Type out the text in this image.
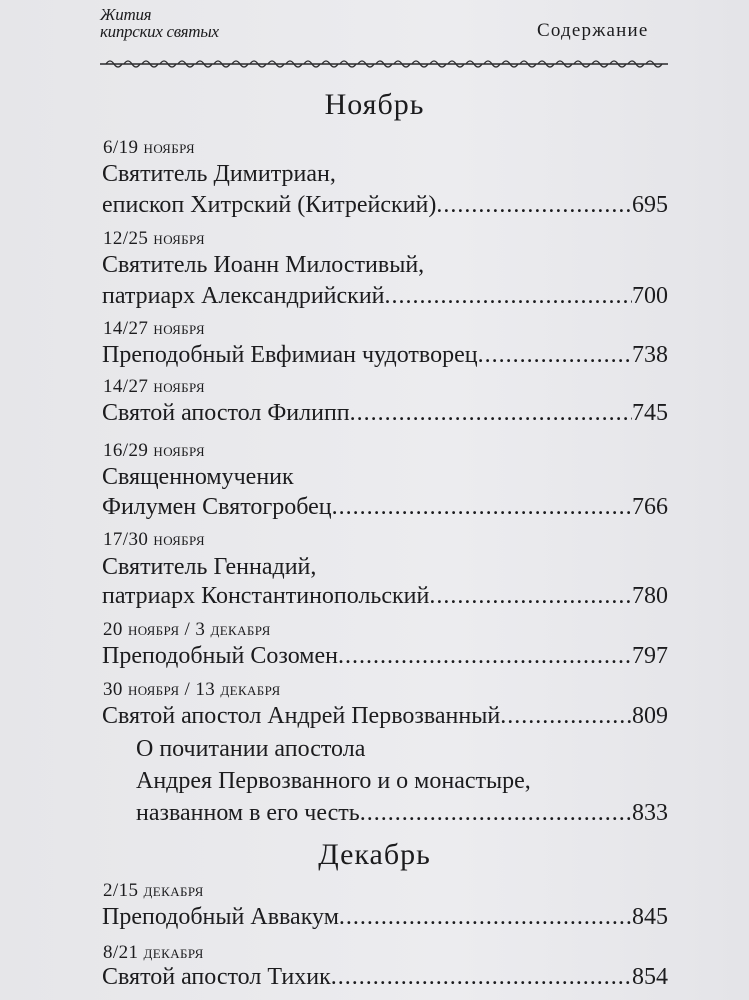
Жития
кипрских святых	Содержание
Ноябрь
6/19 ноября
Святитель Димитриан,
епископ Хитрский (Китрейский) .....	695
12/25 ноября
Святитель Иоанн Милостивый,
патриарх Александрийский .....	700
14/27 ноября
Преподобный Евфимиан чудотворец .....	738
14/27 ноября
Святой апостол Филипп .....	745
16/29 ноября
Священномученик
Филумен Святогробец .....	766
17/30 ноября
Святитель Геннадий,
патриарх Константинопольский .....	780
20 ноября / 3 декабря
Преподобный Созомен .....	797
30 ноября / 13 декабря
Святой апостол Андрей Первозванный .....	809
О почитании апостола
Андрея Первозванного и о монастыре,
названном в его честь .....	833
Декабрь
2/15 декабря
Преподобный Аввакум .....	845
8/21 декабря
Святой апостол Тихик .....	854
